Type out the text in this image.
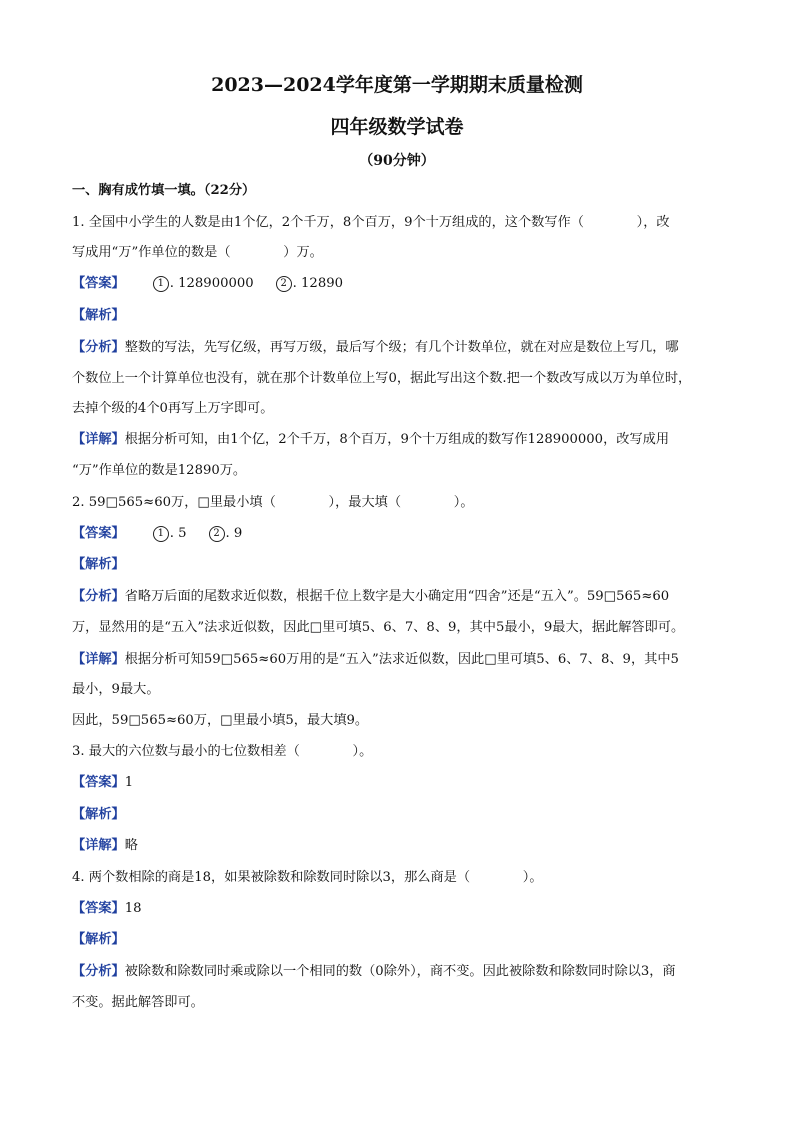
2023—2024学年度第一学期期末质量检测
四年级数学试卷
（90分钟）
一、胸有成竹填一填。（22分）
1. 全国中小学生的人数是由1个亿，2个千万，8个百万，9个十万组成的，这个数写作（　　　　），改
写成用“万”作单位的数是（　　　　）万。
【答案】	1 . 128900000	2 . 12890
【解析】
【分析】整数的写法，先写亿级，再写万级，最后写个级；有几个计数单位，就在对应是数位上写几，哪
个数位上一个计算单位也没有，就在那个计数单位上写0，据此写出这个数.把一个数改写成以万为单位时，
去掉个级的4个0再写上万字即可。
【详解】根据分析可知，由1个亿，2个千万，8个百万，9个十万组成的数写作128900000，改写成用
“万”作单位的数是12890万。
2. 59□565≈60万，□里最小填（　　　　），最大填（　　　　）。
【答案】	1 . 5	2 . 9
【解析】
【分析】省略万后面的尾数求近似数，根据千位上数字是大小确定用“四舍”还是“五入”。59□565≈60
万，显然用的是“五入”法求近似数，因此□里可填5、6、7、8、9，其中5最小，9最大，据此解答即可。
【详解】根据分析可知59□565≈60万用的是“五入”法求近似数，因此□里可填5、6、7、8、9，其中5
最小，9最大。
因此，59□565≈60万，□里最小填5，最大填9。
3. 最大的六位数与最小的七位数相差（　　　　）。
【答案】1
【解析】
【详解】略
4. 两个数相除的商是18，如果被除数和除数同时除以3，那么商是（　　　　）。
【答案】18
【解析】
【分析】被除数和除数同时乘或除以一个相同的数（0除外），商不变。因此被除数和除数同时除以3，商
不变。据此解答即可。
